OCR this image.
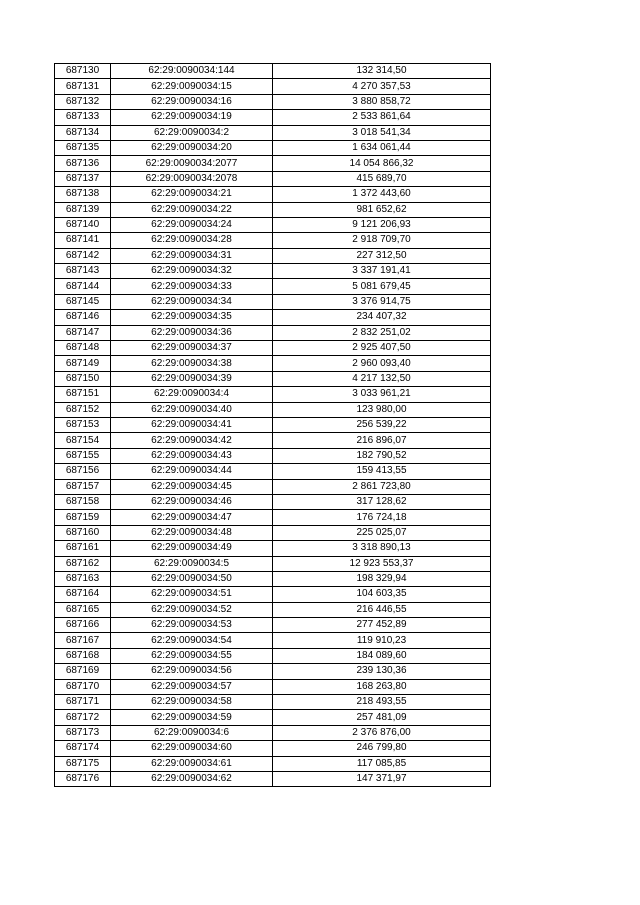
687130	62:29:0090034:144	132 314,50
687131	62:29:0090034:15	4 270 357,53
687132	62:29:0090034:16	3 880 858,72
687133	62:29:0090034:19	2 533 861,64
687134	62:29:0090034:2	3 018 541,34
687135	62:29:0090034:20	1 634 061,44
687136	62:29:0090034:2077	14 054 866,32
687137	62:29:0090034:2078	415 689,70
687138	62:29:0090034:21	1 372 443,60
687139	62:29:0090034:22	981 652,62
687140	62:29:0090034:24	9 121 206,93
687141	62:29:0090034:28	2 918 709,70
687142	62:29:0090034:31	227 312,50
687143	62:29:0090034:32	3 337 191,41
687144	62:29:0090034:33	5 081 679,45
687145	62:29:0090034:34	3 376 914,75
687146	62:29:0090034:35	234 407,32
687147	62:29:0090034:36	2 832 251,02
687148	62:29:0090034:37	2 925 407,50
687149	62:29:0090034:38	2 960 093,40
687150	62:29:0090034:39	4 217 132,50
687151	62:29:0090034:4	3 033 961,21
687152	62:29:0090034:40	123 980,00
687153	62:29:0090034:41	256 539,22
687154	62:29:0090034:42	216 896,07
687155	62:29:0090034:43	182 790,52
687156	62:29:0090034:44	159 413,55
687157	62:29:0090034:45	2 861 723,80
687158	62:29:0090034:46	317 128,62
687159	62:29:0090034:47	176 724,18
687160	62:29:0090034:48	225 025,07
687161	62:29:0090034:49	3 318 890,13
687162	62:29:0090034:5	12 923 553,37
687163	62:29:0090034:50	198 329,94
687164	62:29:0090034:51	104 603,35
687165	62:29:0090034:52	216 446,55
687166	62:29:0090034:53	277 452,89
687167	62:29:0090034:54	119 910,23
687168	62:29:0090034:55	184 089,60
687169	62:29:0090034:56	239 130,36
687170	62:29:0090034:57	168 263,80
687171	62:29:0090034:58	218 493,55
687172	62:29:0090034:59	257 481,09
687173	62:29:0090034:6	2 376 876,00
687174	62:29:0090034:60	246 799,80
687175	62:29:0090034:61	117 085,85
687176	62:29:0090034:62	147 371,97
